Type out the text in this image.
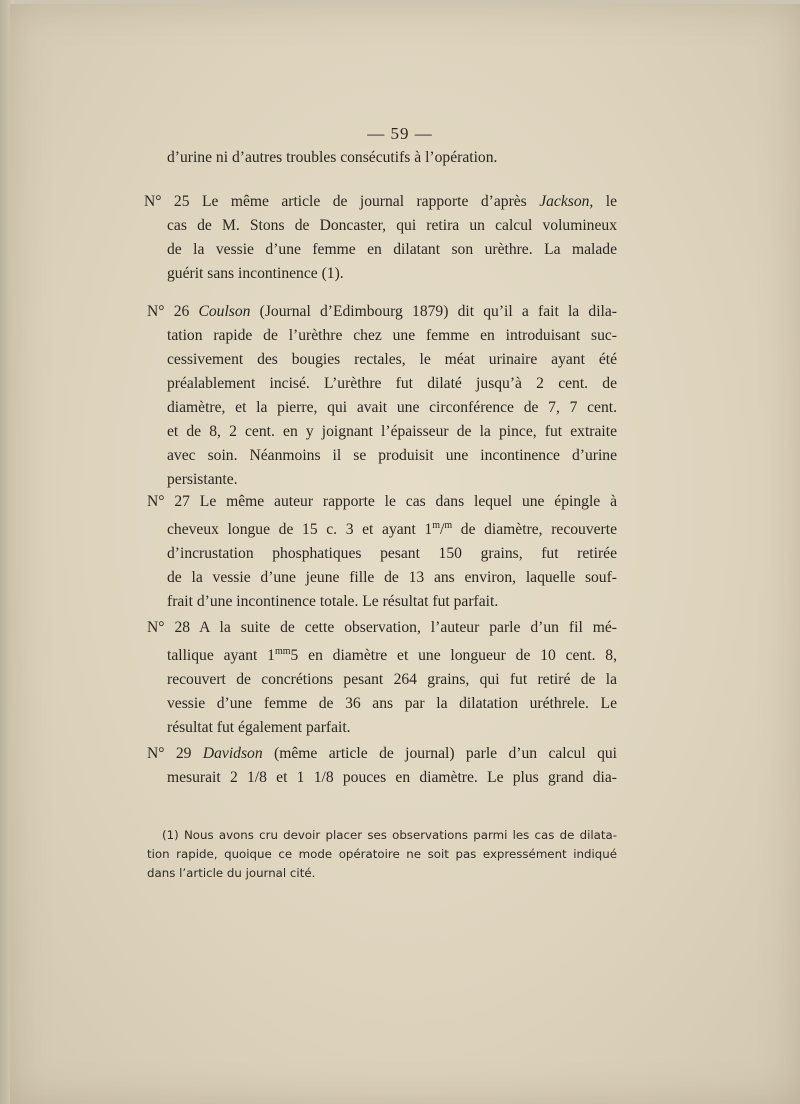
— 59 —
d’urine ni d’autres troubles consécutifs à l’opération.
N° 25 Le même article de journal rapporte d’après Jackson, le
cas de M. Stons de Doncaster, qui retira un calcul volumineux
de la vessie d’une femme en dilatant son urèthre. La malade
guérit sans incontinence (1).
N° 26 Coulson (Journal d’Edimbourg 1879) dit qu’il a fait la dila-
tation rapide de l’urèthre chez une femme en introduisant suc-
cessivement des bougies rectales, le méat urinaire ayant été
préalablement incisé. L’urèthre fut dilaté jusqu’à 2 cent. de
diamètre, et la pierre, qui avait une circonférence de 7, 7 cent.
et de 8, 2 cent. en y joignant l’épaisseur de la pince, fut extraite
avec soin. Néanmoins il se produisit une incontinence d’urine
persistante.
N° 27 Le même auteur rapporte le cas dans lequel une épingle à
cheveux longue de 15 c. 3 et ayant 1$^m$/$^m$ de diamètre, recouverte
d’incrustation phosphatiques pesant 150 grains, fut retirée
de la vessie d’une jeune fille de 13 ans environ, laquelle souf-
frait d’une incontinence totale. Le résultat fut parfait.
N° 28 A la suite de cette observation, l’auteur parle d’un fil mé-
tallique ayant $1^{mm}5$ en diamètre et une longueur de 10 cent. 8,
recouvert de concrétions pesant 264 grains, qui fut retiré de la
vessie d’une femme de 36 ans par la dilatation uréthrele. Le
résultat fut également parfait.
N° 29 Davidson (même article de journal) parle d’un calcul qui
mesurait 2 1/8 et 1 1/8 pouces en diamètre. Le plus grand dia-
(1) Nous avons cru devoir placer ses observations parmi les cas de dilata-
tion rapide, quoique ce mode opératoire ne soit pas expressément indiqué
dans l’article du journal cité.
